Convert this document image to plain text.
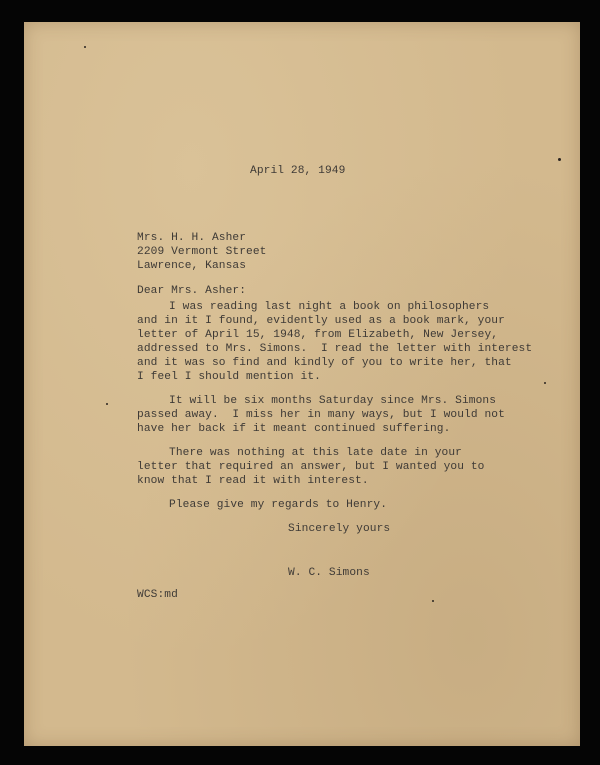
April 28, 1949
Mrs. H. H. Asher
2209 Vermont Street
Lawrence, Kansas
Dear Mrs. Asher:
I was reading last night a book on philosophers
and in it I found, evidently used as a book mark, your
letter of April 15, 1948, from Elizabeth, New Jersey,
addressed to Mrs. Simons.  I read the letter with interest
and it was so find and kindly of you to write her, that
I feel I should mention it.
It will be six months Saturday since Mrs. Simons
passed away.  I miss her in many ways, but I would not
have her back if it meant continued suffering.
There was nothing at this late date in your
letter that required an answer, but I wanted you to
know that I read it with interest.
Please give my regards to Henry.
Sincerely yours
W. C. Simons
WCS:md
